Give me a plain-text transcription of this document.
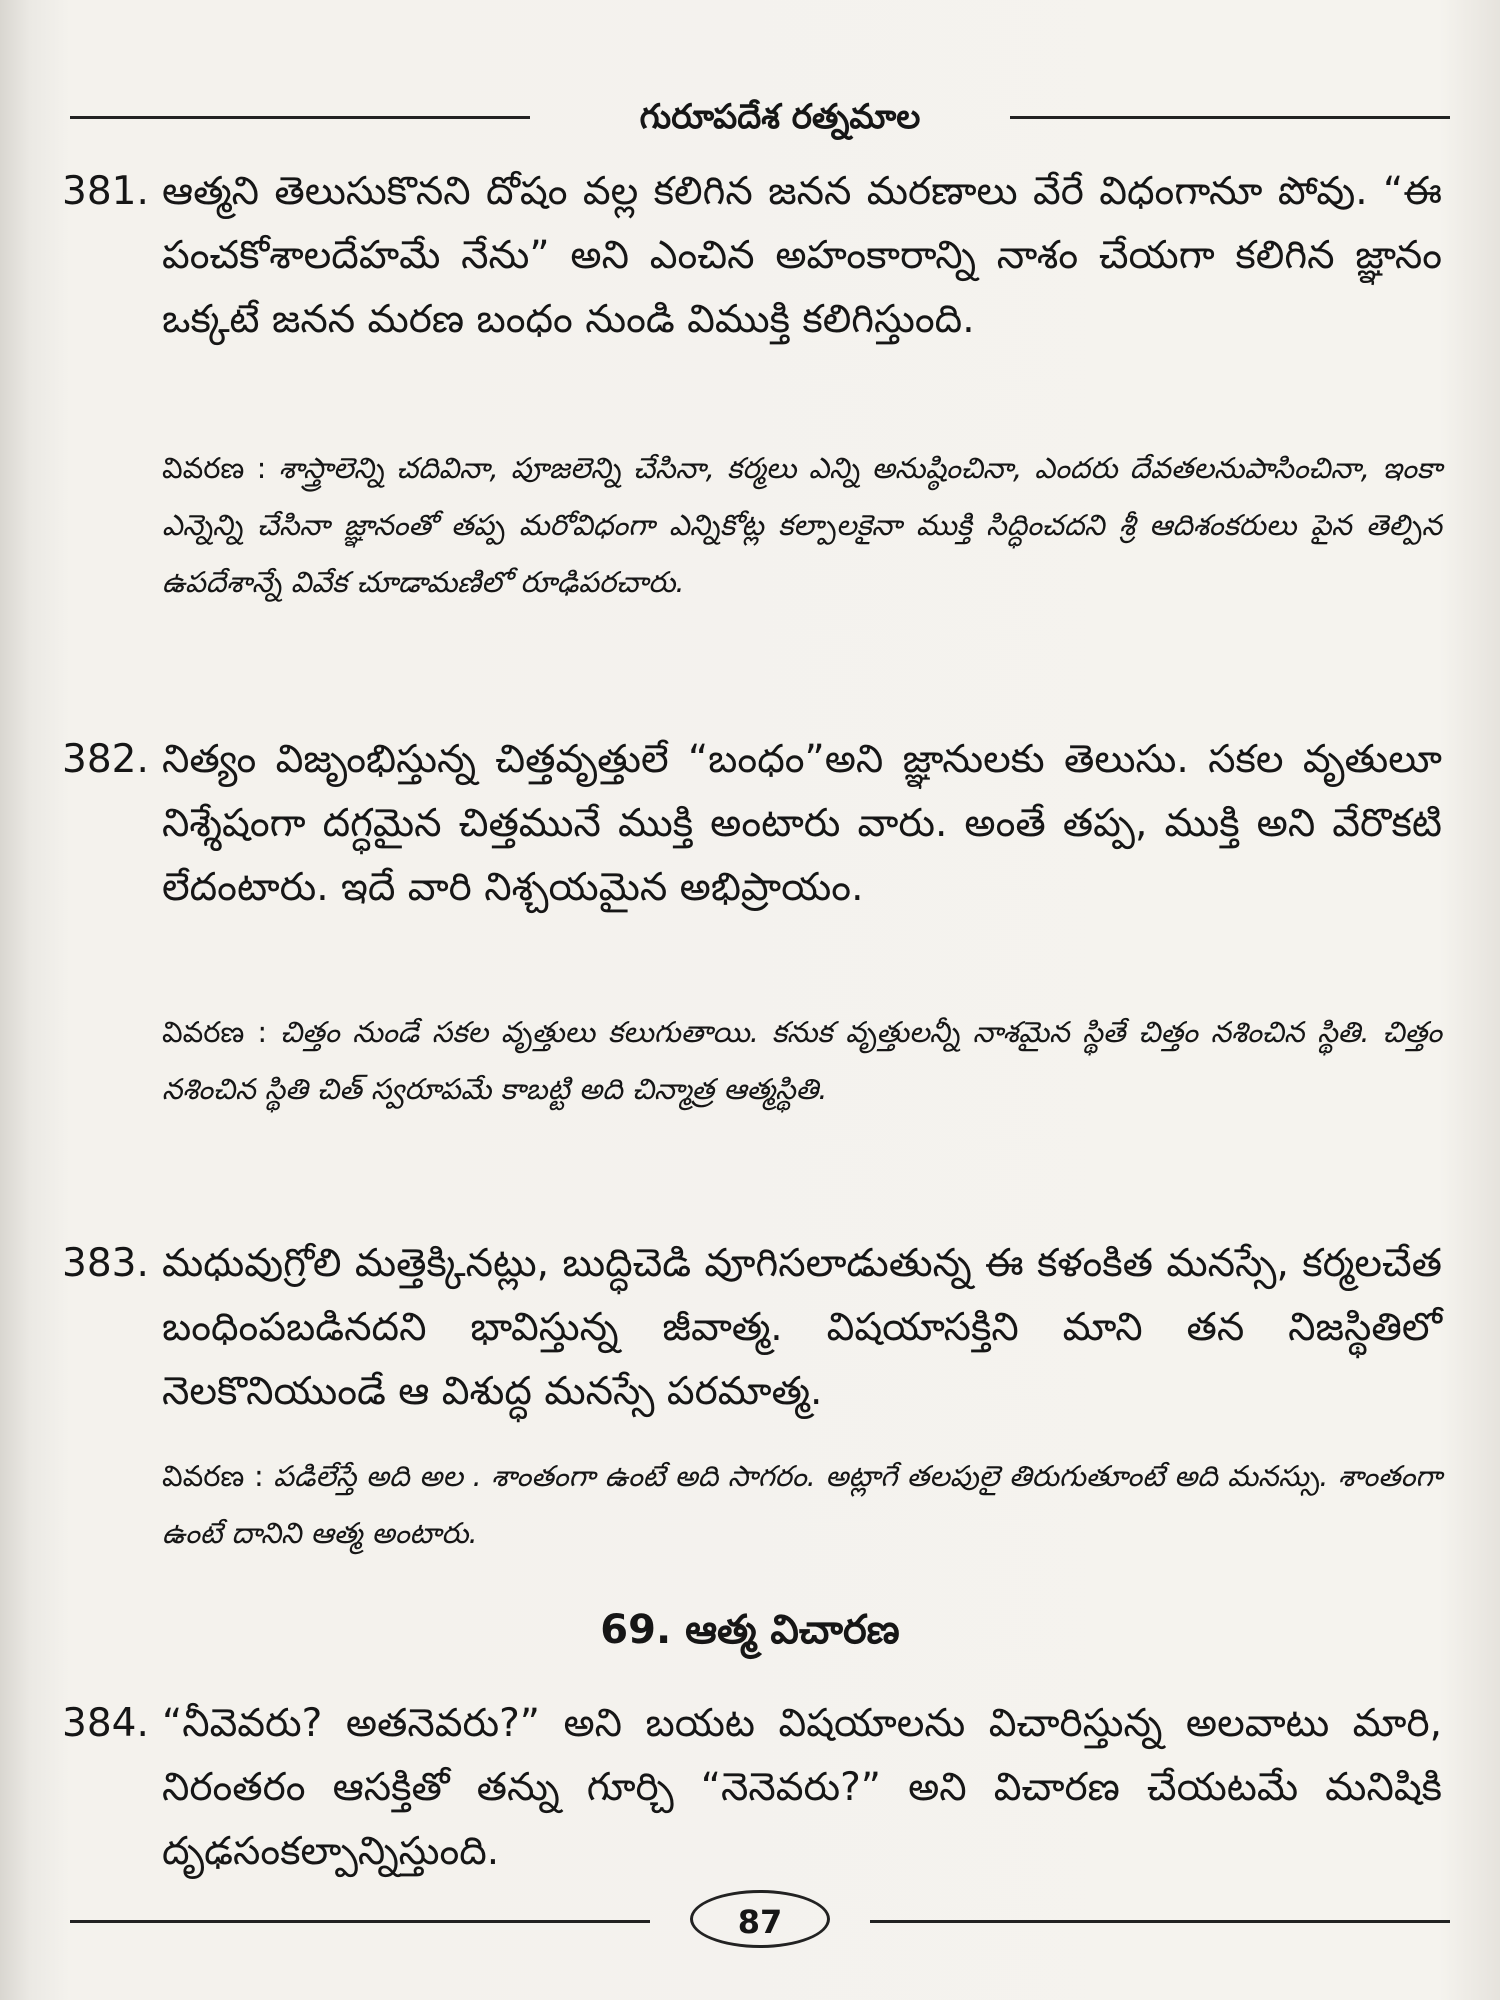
గురూపదేశ రత్నమాల
381. ఆత్మని తెలుసుకొనని దోషం వల్ల కలిగిన జనన మరణాలు వేరే విధంగానూ పోవు. “ఈ పంచకోశాలదేహమే నేను” అని ఎంచిన అహంకారాన్ని నాశం చేయగా కలిగిన జ్ఞానం ఒక్కటే జనన మరణ బంధం నుండి విముక్తి కలిగిస్తుంది.
వివరణ : శాస్త్రాలెన్ని చదివినా, పూజలెన్ని చేసినా, కర్మలు ఎన్ని అనుష్ఠించినా, ఎందరు దేవతలనుపాసించినా, ఇంకా ఎన్నెన్ని చేసినా జ్ఞానంతో తప్ప మరోవిధంగా ఎన్నికోట్ల కల్పాలకైనా ముక్తి సిద్ధించదని శ్రీ ఆదిశంకరులు పైన తెల్పిన ఉపదేశాన్నే వివేక చూడామణిలో రూఢిపరచారు.
382. నిత్యం విజృంభిస్తున్న చిత్తవృత్తులే “బంధం”అని జ్ఞానులకు తెలుసు. సకల వృతులూ నిశ్శేషంగా దగ్ధమైన చిత్తమునే ముక్తి అంటారు వారు. అంతే తప్ప, ముక్తి అని వేరొకటి లేదంటారు. ఇదే వారి నిశ్చయమైన అభిప్రాయం.
వివరణ : చిత్తం నుండే సకల వృత్తులు కలుగుతాయి. కనుక వృత్తులన్నీ నాశమైన స్థితే చిత్తం నశించిన స్థితి. చిత్తం నశించిన స్థితి చిత్ స్వరూపమే కాబట్టి అది చిన్మాత్ర ఆత్మస్థితి.
383. మధువుగ్రోలి మత్తెక్కినట్లు, బుద్ధిచెడి వూగిసలాడుతున్న ఈ కళంకిత మనస్సే, కర్మలచేత బంధింపబడినదని భావిస్తున్న జీవాత్మ. విషయాసక్తిని మాని తన నిజస్థితిలో నెలకొనియుండే ఆ విశుద్ధ మనస్సే పరమాత్మ.
వివరణ : పడిలేస్తే అది అల . శాంతంగా ఉంటే అది సాగరం. అట్లాగే తలపులై తిరుగుతూంటే అది మనస్సు. శాంతంగా ఉంటే దానిని ఆత్మ అంటారు.
69. ఆత్మ విచారణ
384. “నీవెవరు? అతనెవరు?” అని బయట విషయాలను విచారిస్తున్న అలవాటు మారి, నిరంతరం ఆసక్తితో తన్ను గూర్చి “నెనెవరు?” అని విచారణ చేయటమే మనిషికి దృఢసంకల్పాన్నిస్తుంది.
87
